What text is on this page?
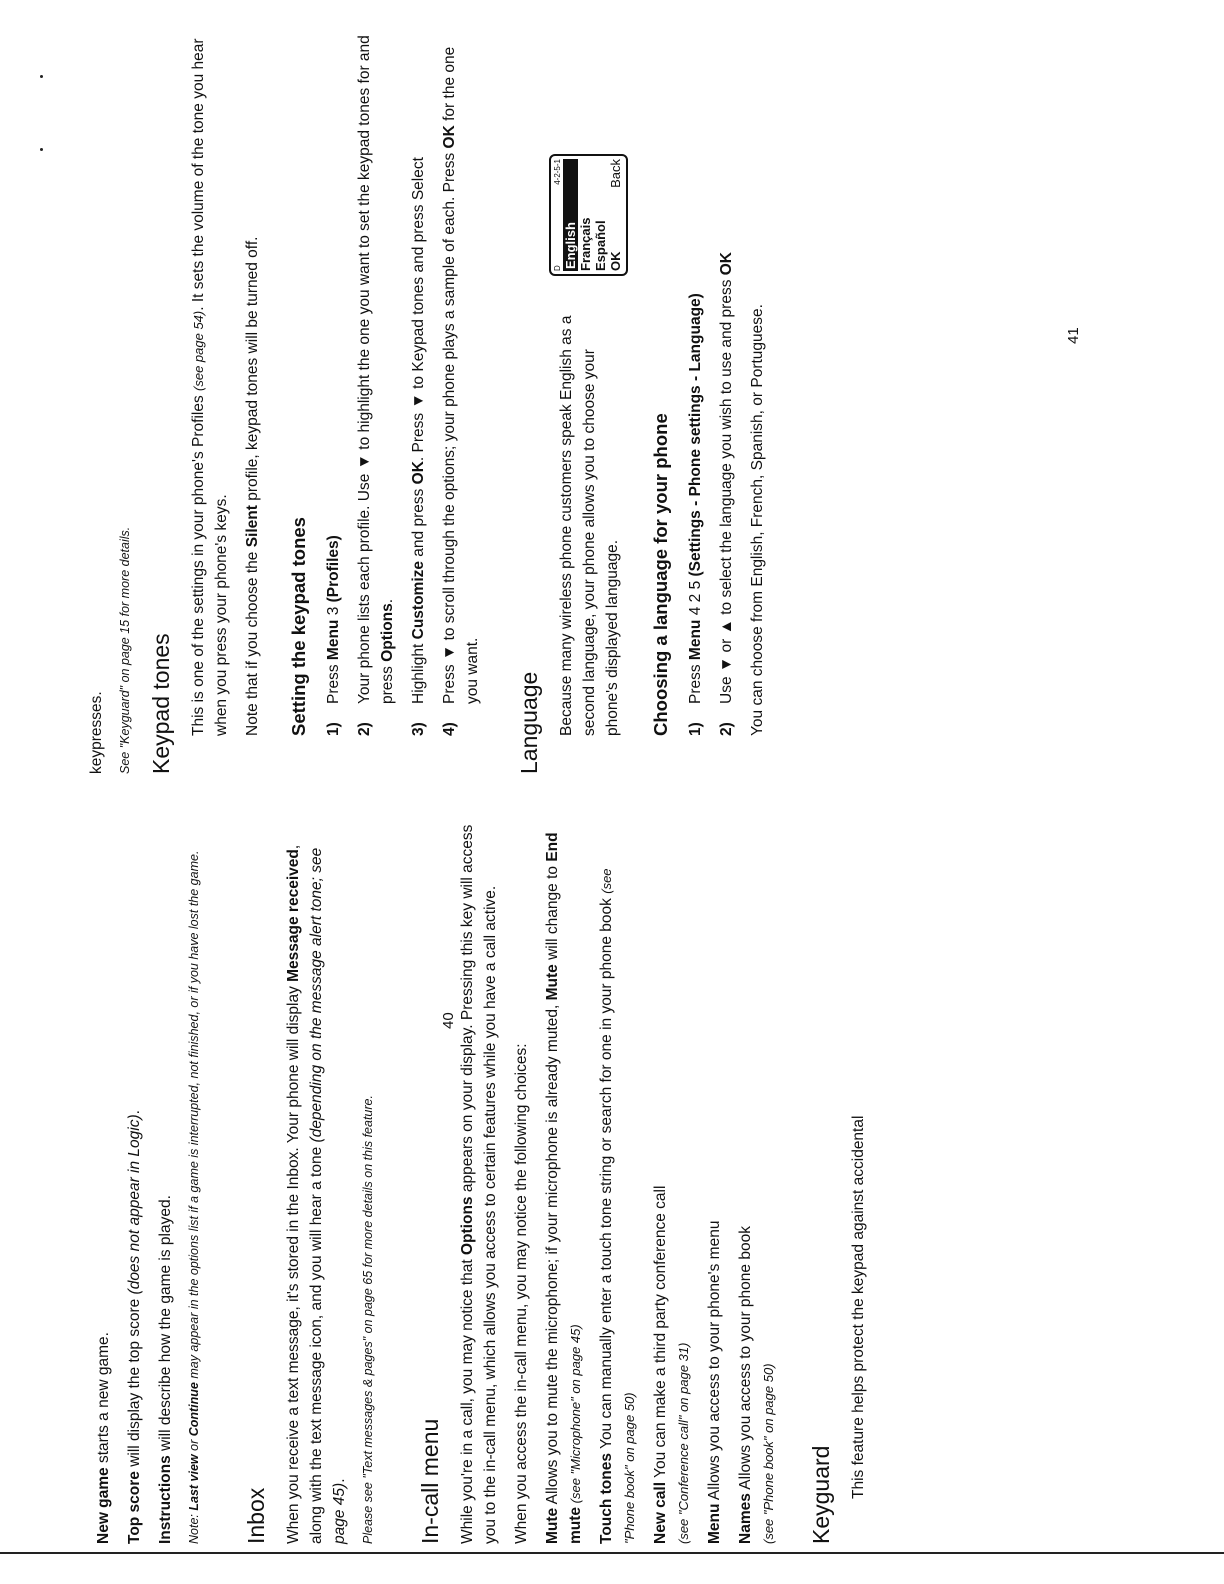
New game starts a new game.

Top score will display the top score (does not appear in Logic).

Instructions will describe how the game is played.

Note: Last view or Continue may appear in the options list if a game is interrupted, not finished, or if you have lost the game.

Inbox When you receive a text message, it's stored in the Inbox. Your phone will display Message received, along with the text message icon, and you will hear a tone (depending on the message alert tone; see page 45). Please see "Text messages & pages" on page 65 for more details on this feature. In-call menu While you're in a call, you may notice that Options appears on your display. Pressing this key will access you to the in-call menu, which allows you access to certain features while you have a call active. When you access the in-call menu, you may notice the following choices: Mute Allows you to mute the microphone; if your microphone is already muted, Mute will change to End mute (see "Microphone" on page 45) Touch tones You can manually enter a touch tone string or search for one in your phone book (see "Phone book" on page 50) New call You can make a third party conference call (see "Conference call" on page 31) Menu Allows you access to your phone's menu

Names Allows you access to your phone book (see "Phone book" on page 50) Keyguard This feature helps protect the keypad against accidental

40

keypresses. See "Keyguard" on page 15 for more details. Keypad tones This is one of the settings in your phone's Profiles (see page 54). It sets the volume of the tone you hear when you press your phone's keys. Note that if you choose the Silent profile, keypad tones will be turned off.

Setting the keypad tones 1)
Press Menu 3 (Profiles)
2)
Your phone lists each profile. Use ▼ to highlight the one you want to set the keypad tones for and press Options.
3)
Highlight Customize and press OK. Press ▼ to Keypad tones and press Select
4)
Press ▼ to scroll through the options; your phone plays a sample of each. Press OK for the one you want.
Language Because many wireless phone customers speak English as a second language, your phone allows you to choose your phone's displayed language.

D
4-2-5-1
English Français Español OK
Back
Choosing a language for your phone 1)
Press Menu 4 2 5 (Settings - Phone settings - Language)
2)
Use ▼ or ▲ to select the language you wish to use and press OK

You can choose from English, French, Spanish, or Portuguese.	41
